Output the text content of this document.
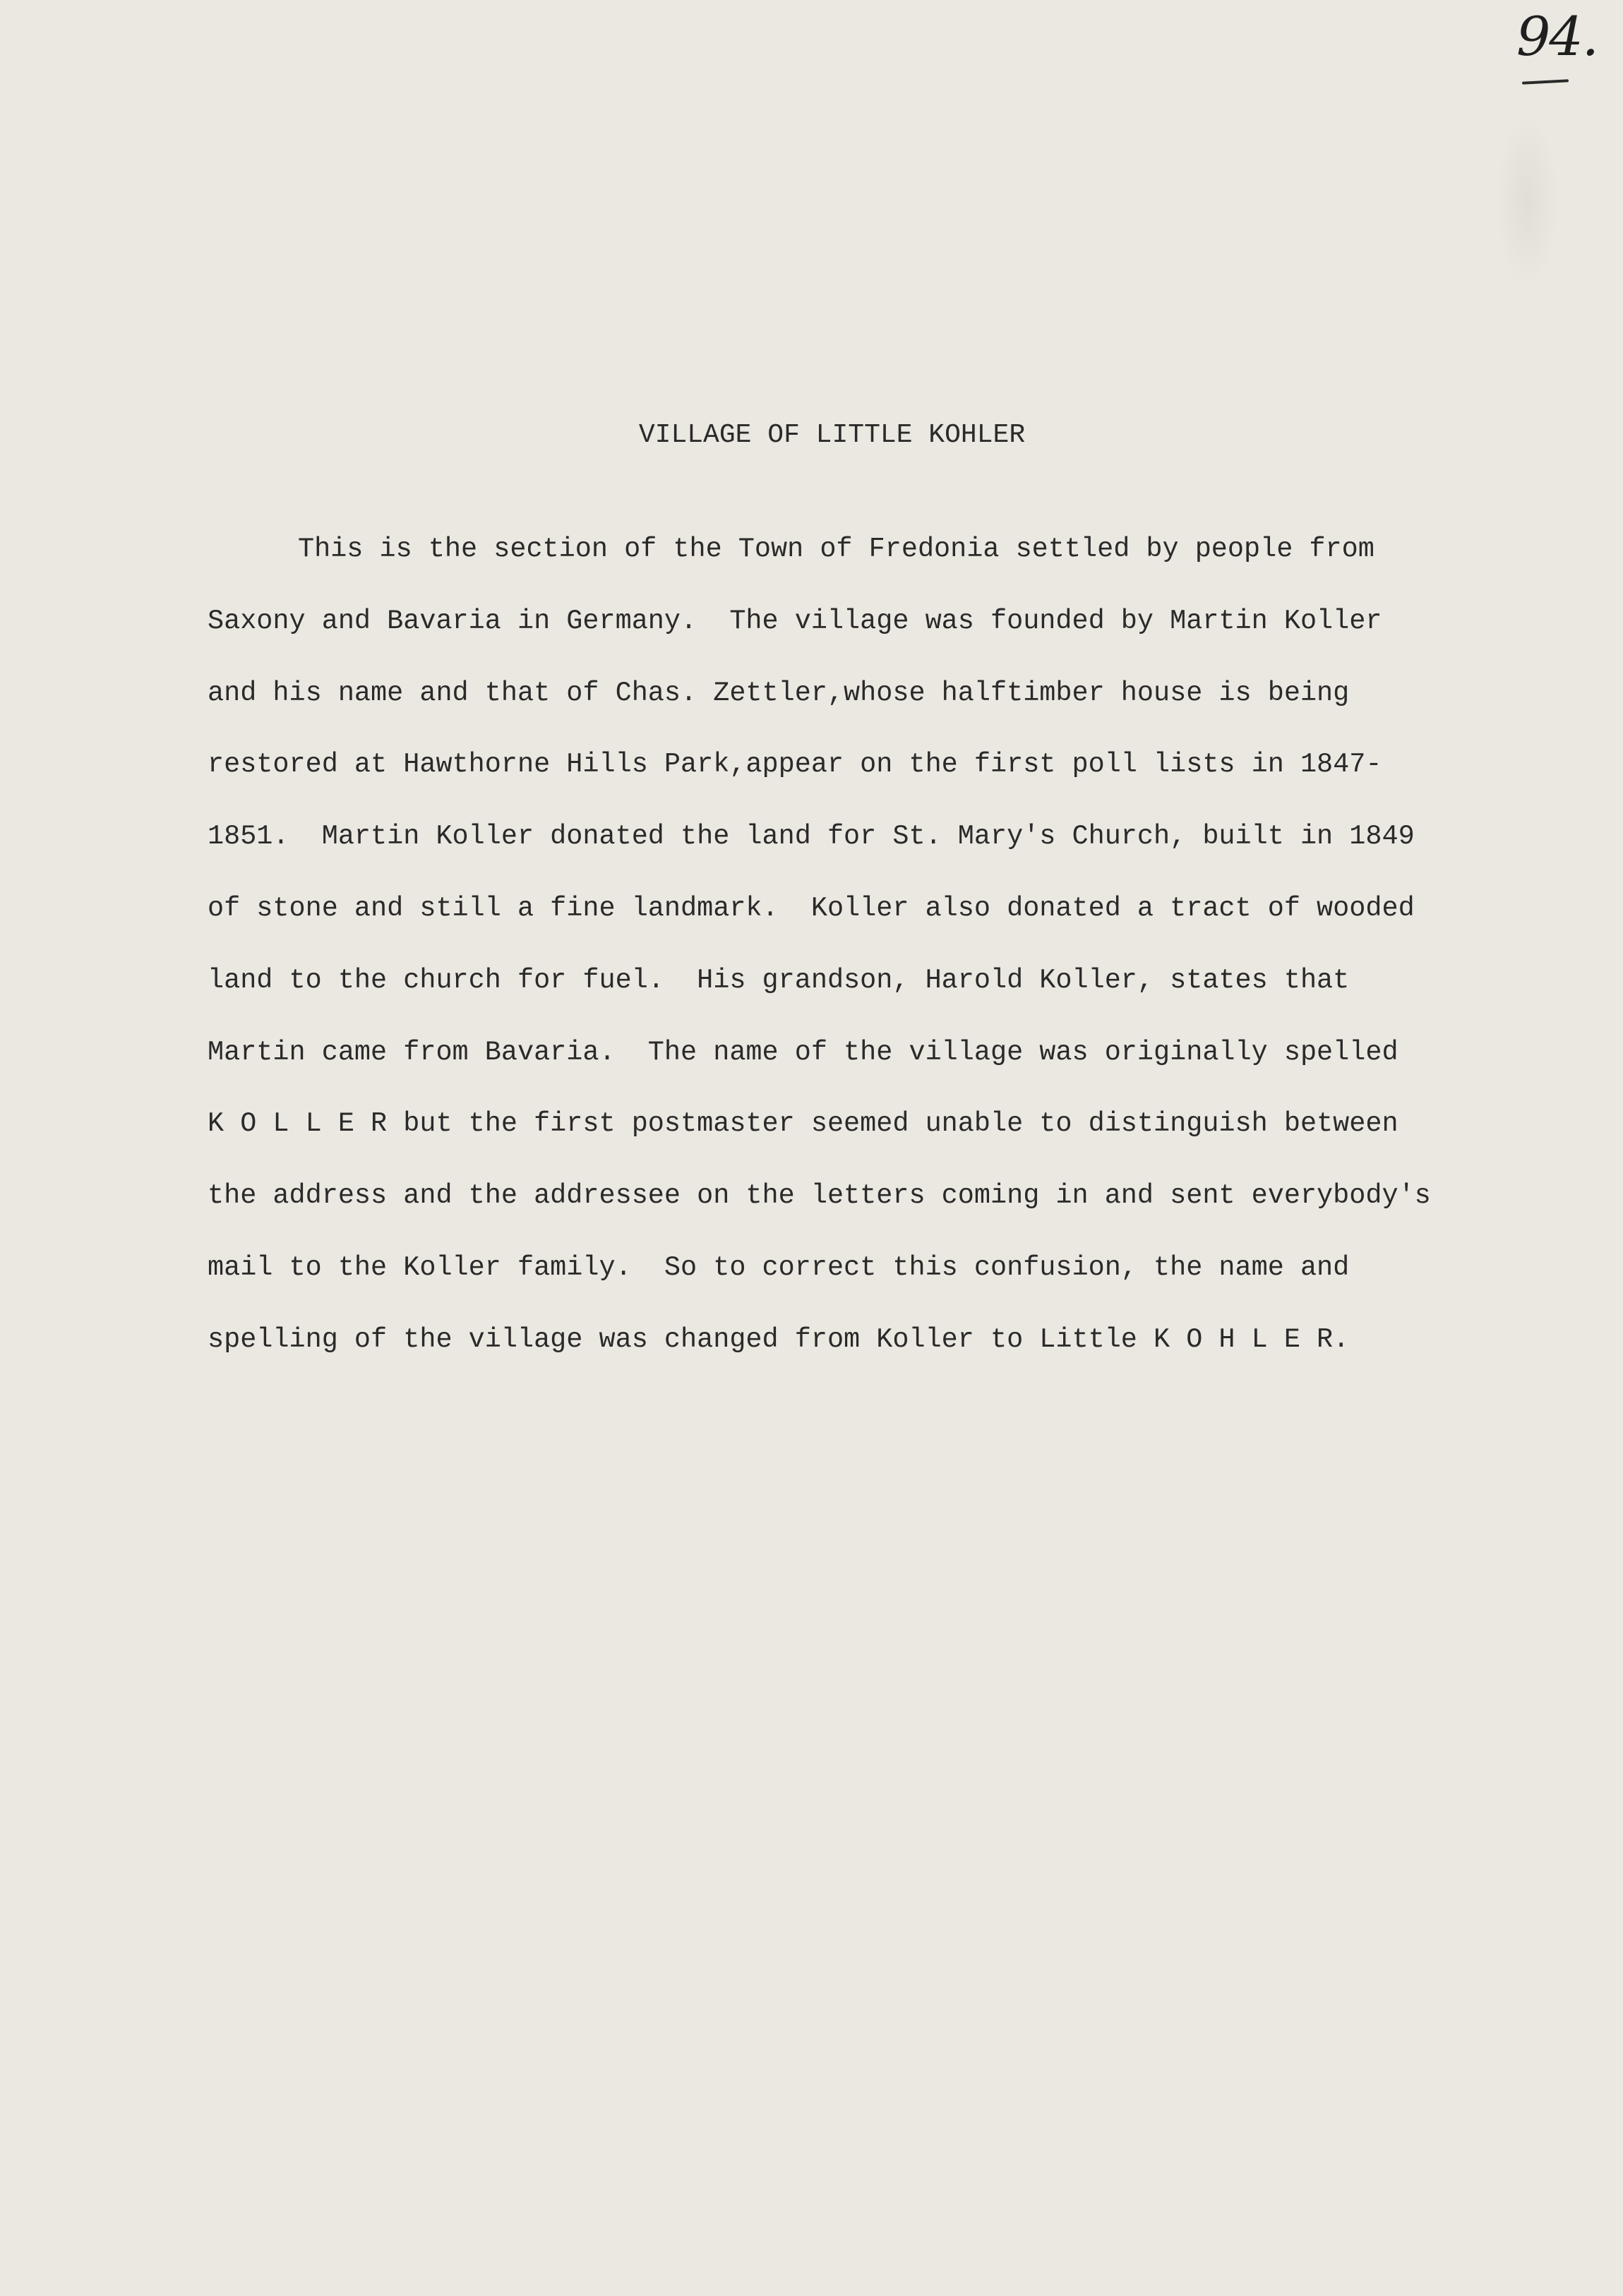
94.
VILLAGE OF LITTLE KOHLER
This is the section of the Town of Fredonia settled by people from
Saxony and Bavaria in Germany.  The village was founded by Martin Koller
and his name and that of Chas. Zettler,whose halftimber house is being
restored at Hawthorne Hills Park,appear on the first poll lists in 1847-
1851.  Martin Koller donated the land for St. Mary's Church, built in 1849
of stone and still a fine landmark.  Koller also donated a tract of wooded
land to the church for fuel.  His grandson, Harold Koller, states that
Martin came from Bavaria.  The name of the village was originally spelled
K O L L E R but the first postmaster seemed unable to distinguish between
the address and the addressee on the letters coming in and sent everybody's
mail to the Koller family.  So to correct this confusion, the name and
spelling of the village was changed from Koller to Little K O H L E R.
